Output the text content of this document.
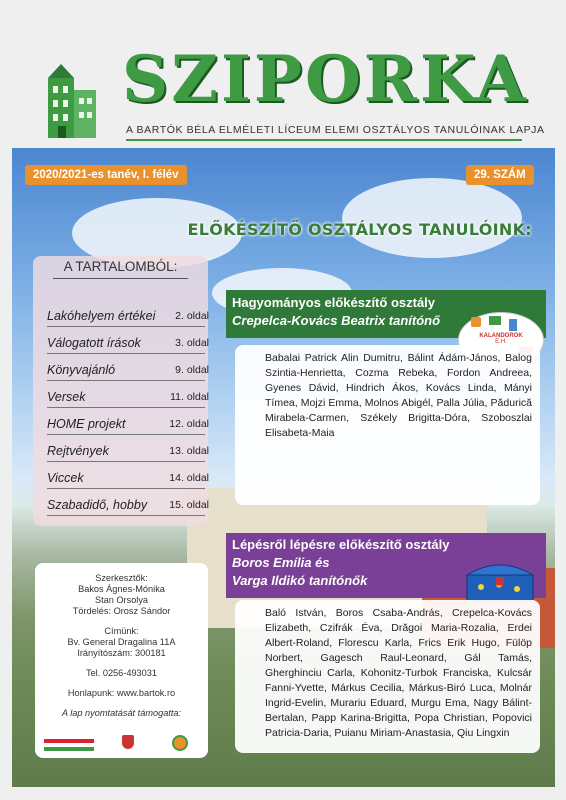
SZIPORKA
A BARTÓK BÉLA ELMÉLETI LÍCEUM ELEMI OSZTÁLYOS TANULÓINAK LAPJA
2020/2021-es tanév, I. félév	29. SZÁM
ELŐKÉSZÍTŐ OSZTÁLYOS TANULÓINK:
A TARTALOMBÓL:
Lakóhelyem értékei 2. oldal
Válogatott írások	3. oldal
Könyvajánló	9. oldal
Versek	11. oldal
HOME projekt	12. oldal
Rejtvények	13. oldal
Viccek	14. oldal
Szabadidő, hobby 15. oldal
Hagyományos előkészítő osztály
Crepelca-Kovács Beatrix tanítónő
KALANDOROK
E.H.
Babalai Patrick Alin Dumitru, Bálint Ádám-János, Balog Szintia-Henrietta, Cozma Rebeka, Fordon Andreea, Gyenes Dávid, Hindrich Ákos, Kovács Linda, Mányi Tímea, Mojzi Emma, Molnos Abigél, Palla Júlia, Pădurică Mirabela-Carmen, Székely Brigitta-Dóra, Szoboszlai Elisabeta-Maia
Lépésről lépésre előkészítő osztály
Boros Emília és
Varga Ildikó tanítónők
Baló István, Boros Csaba-András, Crepelca-Kovács Elizabeth, Czifrák Éva, Drăgoi Maria-Rozalia, Erdei Albert-Roland, Florescu Karla, Frics Erik Hugo, Fülöp Norbert, Gagesch Raul-Leonard, Gál Tamás, Gherghinciu Carla, Kohonitz-Turbok Franciska, Kulcsár Fanni-Yvette, Márkus Cecilia, Márkus-Biró Luca, Molnár Ingrid-Evelin, Murariu Eduard, Murgu Ema, Nagy Bálint-Bertalan, Papp Karina-Brigitta, Popa Christian, Popovici Patricia-Daria, Puianu Miriam-Anastasia, Qiu Lingxin

Szerkesztők:

Bakos Ágnes-Mónika

Stan Orsolya

Tördelés: Orosz Sándor

Címünk:

Bv. General Dragalina 11A

Irányítószám: 300181

Tel. 0256-493031

Honlapunk: www.bartok.ro

A lap nyomtatását támogatta:
